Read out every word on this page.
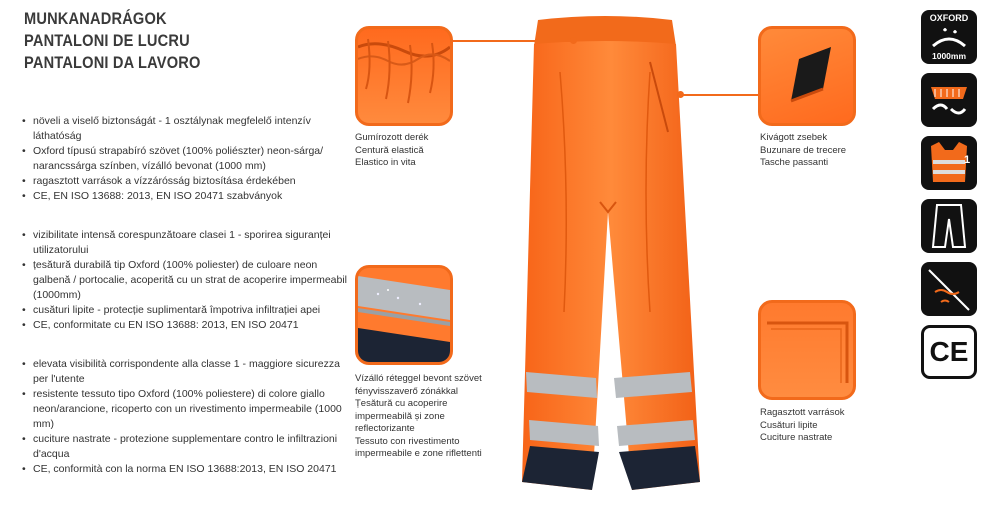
MUNKANADRÁGOK
PANTALONI DE LUCRU
PANTALONI DA LAVORO
• növeli a viselő biztonságát - 1 osztálynak megfelelő intenzív láthatóság
• Oxford típusú strapabíró szövet (100% poliészter) neon-sárga/ narancssárga színben, vízálló bevonat (1000 mm)
• ragasztott varrások a vízzárósság biztosítása érdekében
• CE, EN ISO 13688: 2013, EN ISO 20471 szabványok
• vizibilitate intensă corespunzătoare clasei 1 - sporirea siguranței utilizatorului
• țesătură durabilă tip Oxford (100% poliester) de culoare neon galbenă / portocalie, acoperită cu un strat de acoperire impermeabil (1000mm)
• cusături lipite - protecție suplimentară împotriva infiltrației apei
• CE, conformitate cu EN ISO 13688: 2013, EN ISO 20471
• elevata visibilità corrispondente alla classe 1 - maggiore sicurezza per l'utente
• resistente tessuto tipo Oxford (100% poliestere) di colore giallo neon/arancione, ricoperto con un rivestimento impermeabile (1000 mm)
• cuciture nastrate - protezione supplementare contro le infiltrazioni d'acqua
• CE, conformità con la norma EN ISO 13688:2013, EN ISO 20471
Gumírozott derék
Centură elastică
Elastico in vita
Vízálló réteggel bevont szövet
fényvisszaverő zónákkal
Țesătură cu acoperire
impermeabilă și zone
reflectorizante
Tessuto con rivestimento
impermeabile e zone riflettenti
Kivágott zsebek
Buzunare de trecere
Tasche passanti
Ragasztott varrások
Cusături lipite
Cuciture nastrate
OXFORD
1000mm
1
CE
